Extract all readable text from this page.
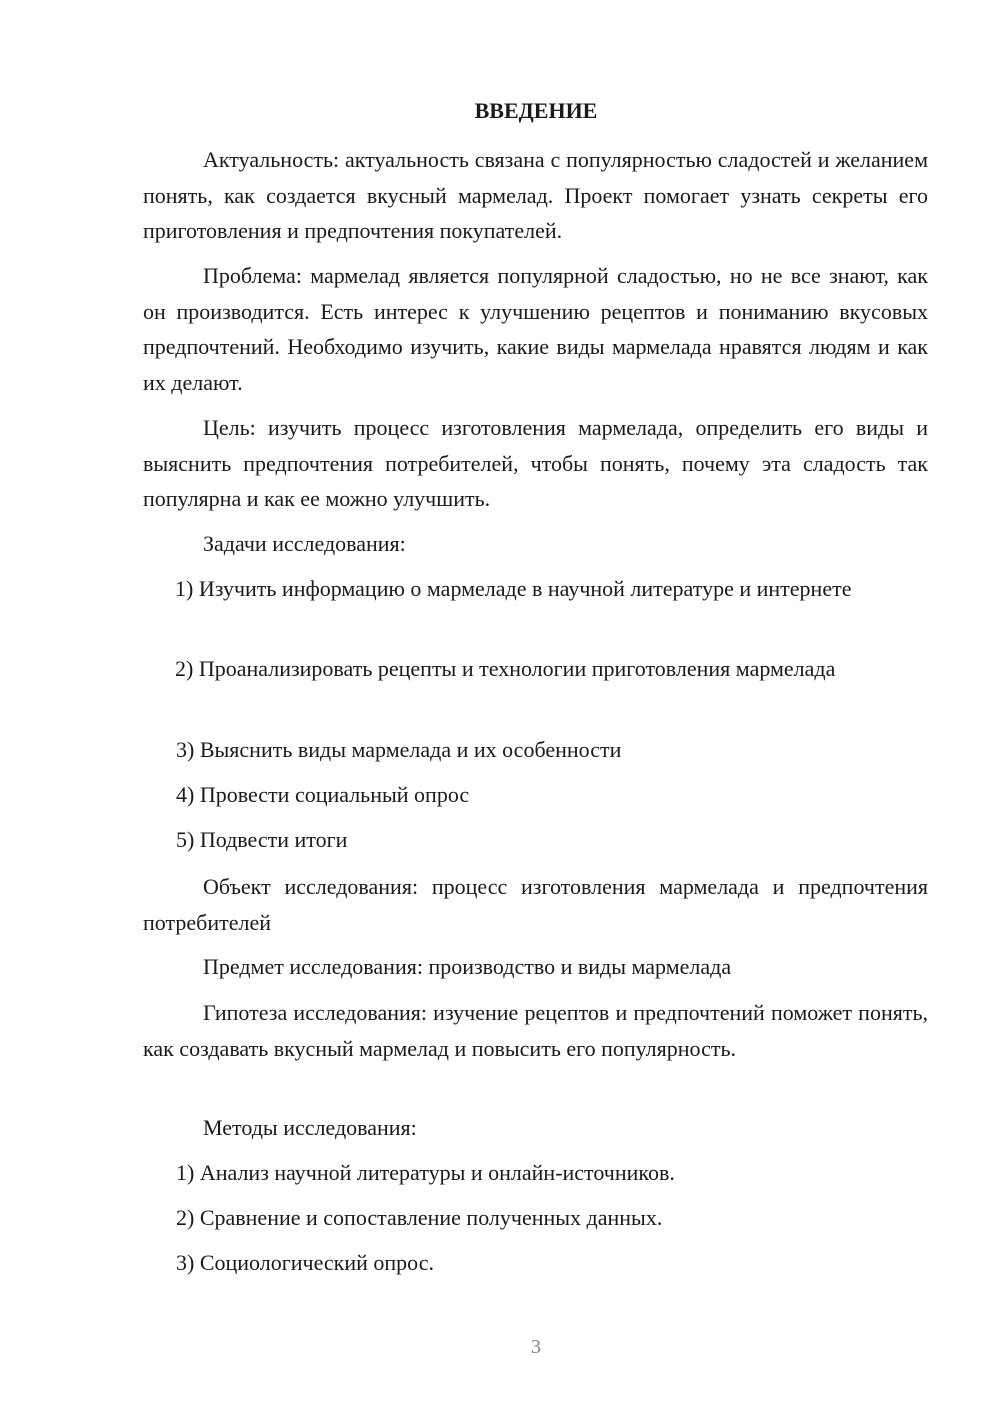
ВВЕДЕНИЕ

Актуальность: актуальность связана с популярностью сладостей и желанием понять, как создается вкусный мармелад. Проект помогает узнать секреты его приготовления и предпочтения покупателей.

Проблема: мармелад является популярной сладостью, но не все знают, как он производится. Есть интерес к улучшению рецептов и пониманию вкусовых предпочтений. Необходимо изучить, какие виды мармелада нравятся людям и как их делают.

Цель: изучить процесс изготовления мармелада, определить его виды и выяснить предпочтения потребителей, чтобы понять, почему эта сладость так популярна и как ее можно улучшить.

Задачи исследования:

1) Изучить информацию о мармеладе в научной литературе и интернете

2) Проанализировать рецепты и технологии приготовления мармелада

3) Выяснить виды мармелада и их особенности

4) Провести социальный опрос

5) Подвести итоги

Объект исследования: процесс изготовления мармелада и предпочтения потребителей

Предмет исследования: производство и виды мармелада

Гипотеза исследования: изучение рецептов и предпочтений поможет понять, как создавать вкусный мармелад и повысить его популярность.

Методы исследования:

1) Анализ научной литературы и онлайн-источников.

2) Сравнение и сопоставление полученных данных.

3) Социологический опрос.

3
